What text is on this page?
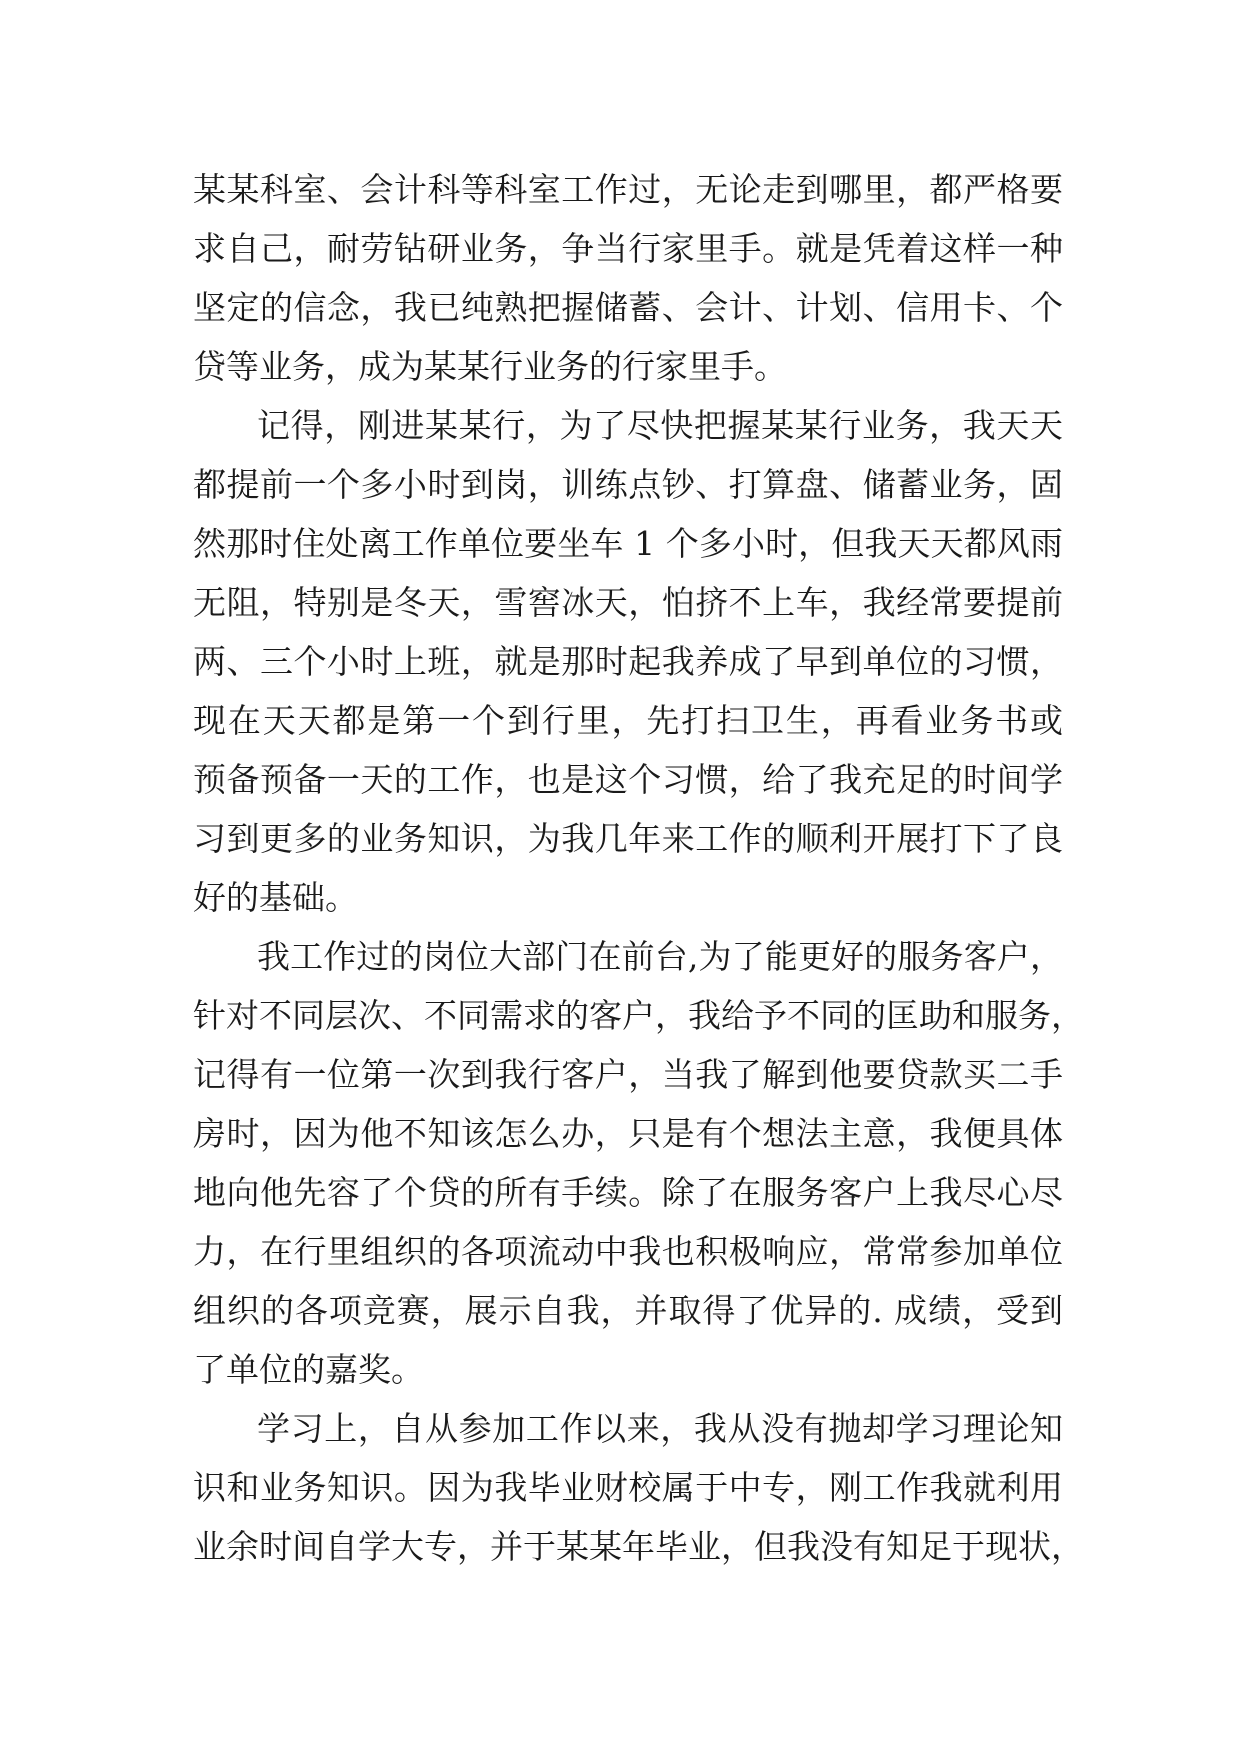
某某科室、会计科等科室工作过，无论走到哪里，都严格要
求自己，耐劳钻研业务，争当行家里手。就是凭着这样一种
坚定的信念，我已纯熟把握储蓄、会计、计划、信用卡、个
贷等业务，成为某某行业务的行家里手。
记得，刚进某某行，为了尽快把握某某行业务，我天天
都提前一个多小时到岗，训练点钞、打算盘、储蓄业务，固
然那时住处离工作单位要坐车 1 个多小时，但我天天都风雨
无阻，特别是冬天，雪窖冰天，怕挤不上车，我经常要提前
两、三个小时上班，就是那时起我养成了早到单位的习惯，
现在天天都是第一个到行里，先打扫卫生，再看业务书或
预备预备一天的工作，也是这个习惯，给了我充足的时间学
习到更多的业务知识，为我几年来工作的顺利开展打下了良
好的基础。
我工作过的岗位大部门在前台,为了能更好的服务客户，
针对不同层次、不同需求的客户，我给予不同的匡助和服务，
记得有一位第一次到我行客户，当我了解到他要贷款买二手
房时，因为他不知该怎么办，只是有个想法主意，我便具体
地向他先容了个贷的所有手续。除了在服务客户上我尽心尽
力，在行里组织的各项流动中我也积极响应，常常参加单位
组织的各项竞赛，展示自我，并取得了优异的. 成绩，受到
了单位的嘉奖。
学习上，自从参加工作以来，我从没有抛却学习理论知
识和业务知识。因为我毕业财校属于中专，刚工作我就利用
业余时间自学大专，并于某某年毕业，但我没有知足于现状，
